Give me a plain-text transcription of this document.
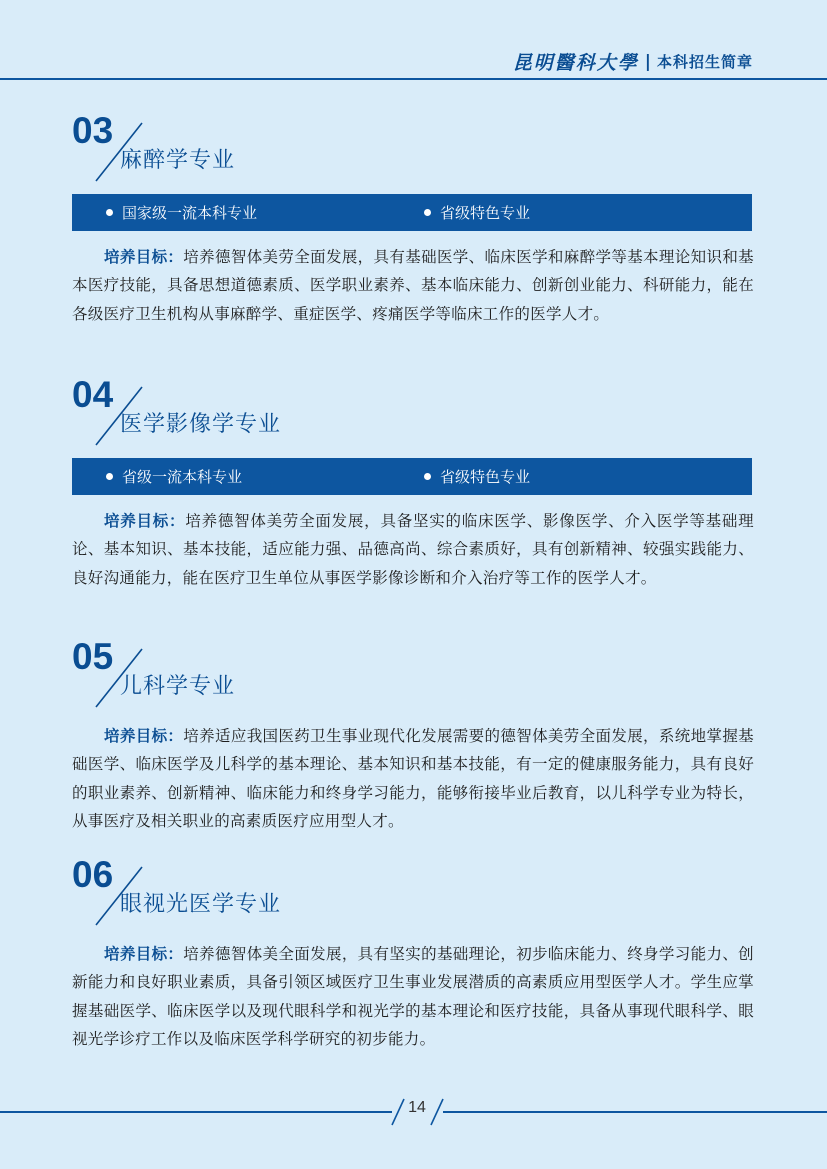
昆明醫科大學 | 本科招生简章
03
麻醉学专业
国家级一流本科专业	省级特色专业
培养目标：培养德智体美劳全面发展，具有基础医学、临床医学和麻醉学等基本理论知识和基本医疗技能，具备思想道德素质、医学职业素养、基本临床能力、创新创业能力、科研能力，能在各级医疗卫生机构从事麻醉学、重症医学、疼痛医学等临床工作的医学人才。
04
医学影像学专业
省级一流本科专业	省级特色专业
培养目标：培养德智体美劳全面发展，具备坚实的临床医学、影像医学、介入医学等基础理论、基本知识、基本技能，适应能力强、品德高尚、综合素质好，具有创新精神、较强实践能力、良好沟通能力，能在医疗卫生单位从事医学影像诊断和介入治疗等工作的医学人才。
05
儿科学专业
培养目标：培养适应我国医药卫生事业现代化发展需要的德智体美劳全面发展，系统地掌握基础医学、临床医学及儿科学的基本理论、基本知识和基本技能，有一定的健康服务能力，具有良好的职业素养、创新精神、临床能力和终身学习能力，能够衔接毕业后教育，以儿科学专业为特长，从事医疗及相关职业的高素质医疗应用型人才。
06
眼视光医学专业
培养目标：培养德智体美全面发展，具有坚实的基础理论，初步临床能力、终身学习能力、创新能力和良好职业素质，具备引领区域医疗卫生事业发展潜质的高素质应用型医学人才。学生应掌握基础医学、临床医学以及现代眼科学和视光学的基本理论和医疗技能，具备从事现代眼科学、眼视光学诊疗工作以及临床医学科学研究的初步能力。
14
